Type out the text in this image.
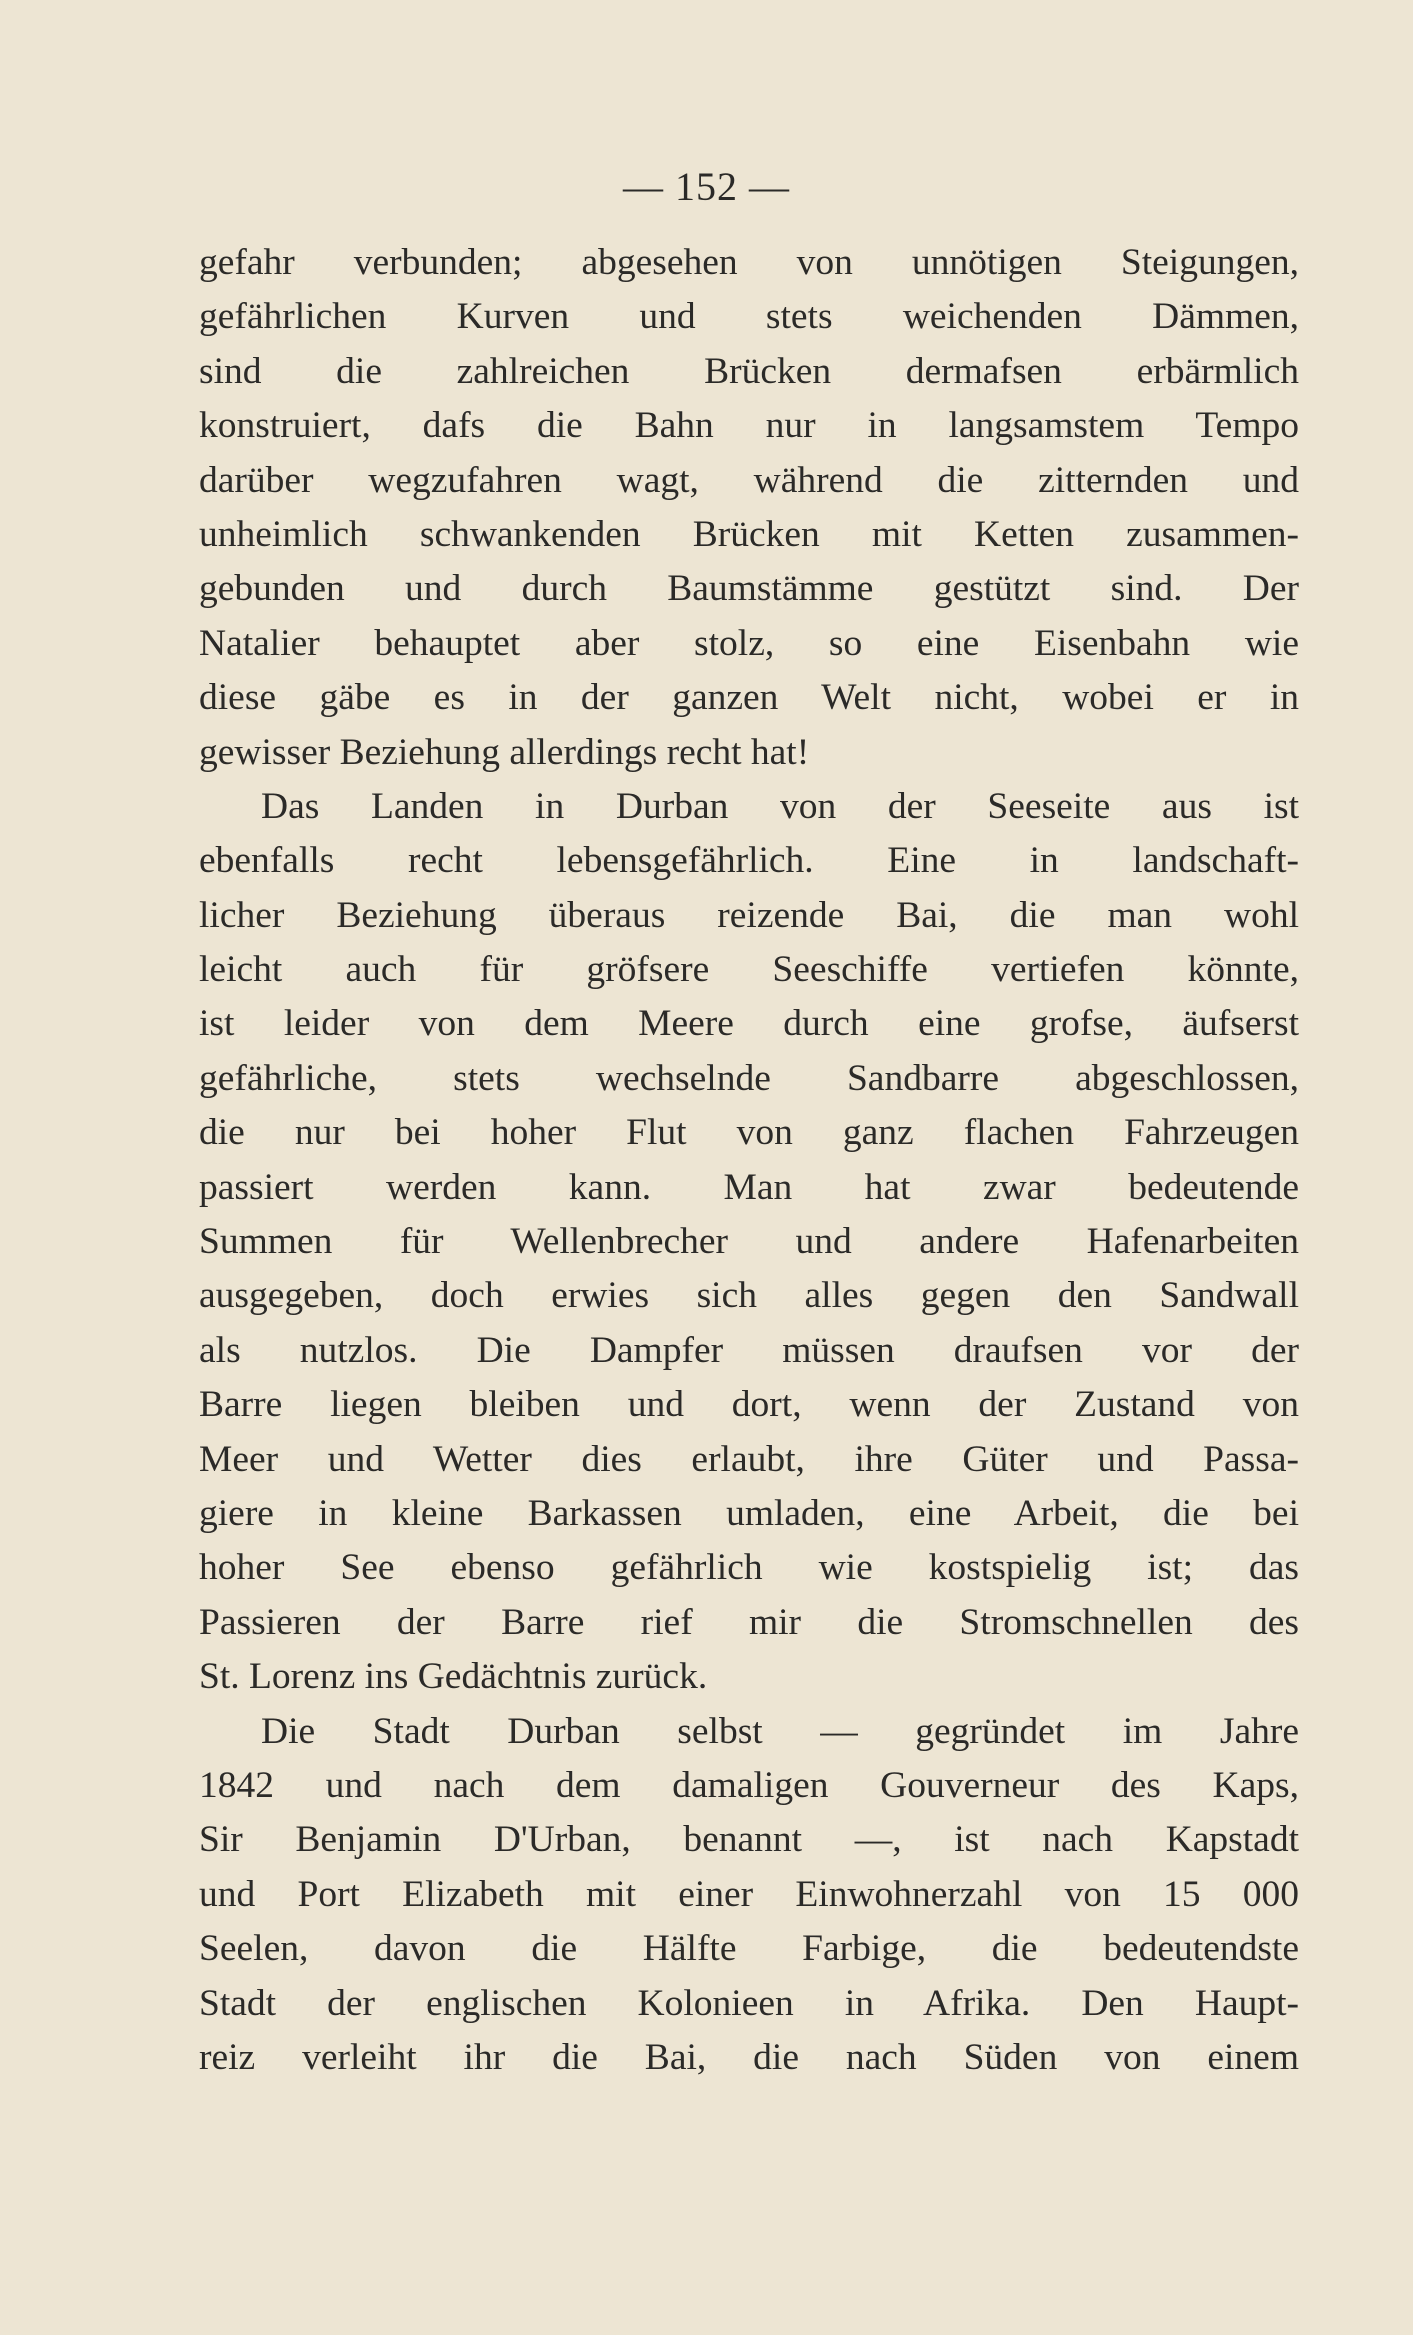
— 152 —
gefahr verbunden; abgesehen von unnötigen Steigungen,
gefährlichen Kurven und stets weichenden Dämmen,
sind die zahlreichen Brücken dermafsen erbärmlich
konstruiert, dafs die Bahn nur in langsamstem Tempo
darüber wegzufahren wagt, während die zitternden und
unheimlich schwankenden Brücken mit Ketten zusammen-
gebunden und durch Baumstämme gestützt sind. Der
Natalier behauptet aber stolz, so eine Eisenbahn wie
diese gäbe es in der ganzen Welt nicht, wobei er in
gewisser Beziehung allerdings recht hat!
Das Landen in Durban von der Seeseite aus ist
ebenfalls recht lebensgefährlich. Eine in landschaft-
licher Beziehung überaus reizende Bai, die man wohl
leicht auch für gröfsere Seeschiffe vertiefen könnte,
ist leider von dem Meere durch eine grofse, äufserst
gefährliche, stets wechselnde Sandbarre abgeschlossen,
die nur bei hoher Flut von ganz flachen Fahrzeugen
passiert werden kann. Man hat zwar bedeutende
Summen für Wellenbrecher und andere Hafenarbeiten
ausgegeben, doch erwies sich alles gegen den Sandwall
als nutzlos. Die Dampfer müssen draufsen vor der
Barre liegen bleiben und dort, wenn der Zustand von
Meer und Wetter dies erlaubt, ihre Güter und Passa-
giere in kleine Barkassen umladen, eine Arbeit, die bei
hoher See ebenso gefährlich wie kostspielig ist; das
Passieren der Barre rief mir die Stromschnellen des
St. Lorenz ins Gedächtnis zurück.
Die Stadt Durban selbst — gegründet im Jahre
1842 und nach dem damaligen Gouverneur des Kaps,
Sir Benjamin D'Urban, benannt —, ist nach Kapstadt
und Port Elizabeth mit einer Einwohnerzahl von 15 000
Seelen, davon die Hälfte Farbige, die bedeutendste
Stadt der englischen Kolonieen in Afrika. Den Haupt-
reiz verleiht ihr die Bai, die nach Süden von einem
